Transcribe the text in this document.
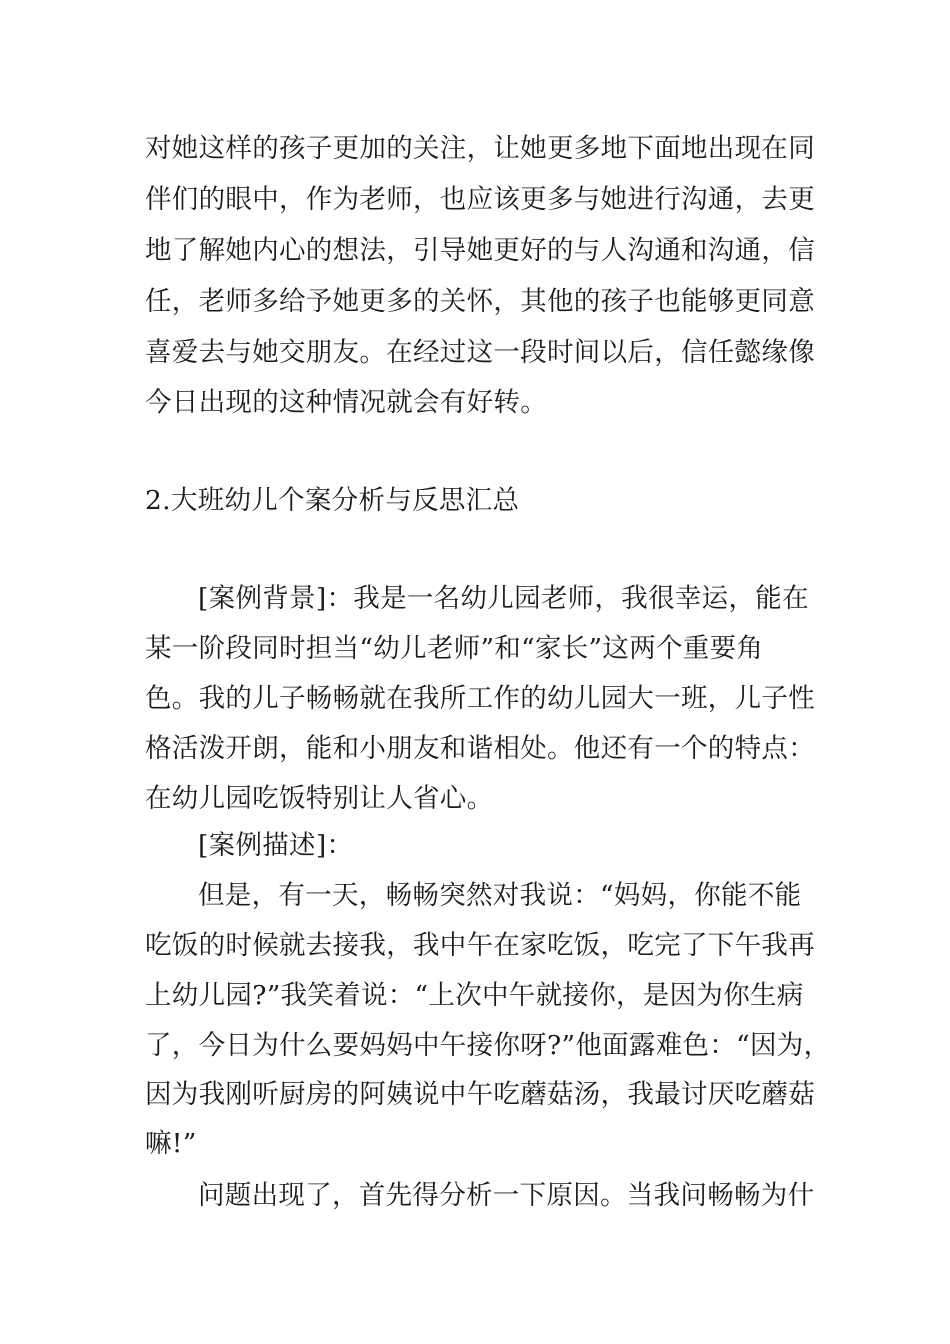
对她这样的孩子更加的关注，让她更多地下面地出现在同
伴们的眼中，作为老师，也应该更多与她进行沟通，去更
地了解她内心的想法，引导她更好的与人沟通和沟通，信
任，老师多给予她更多的关怀，其他的孩子也能够更同意
喜爱去与她交朋友。在经过这一段时间以后，信任懿缘像
今日出现的这种情况就会有好转。
2.大班幼儿个案分析与反思汇总
[案例背景]：我是一名幼儿园老师，我很幸运，能在
某一阶段同时担当“幼儿老师”和“家长”这两个重要角
色。我的儿子畅畅就在我所工作的幼儿园大一班，儿子性
格活泼开朗，能和小朋友和谐相处。他还有一个的特点：
在幼儿园吃饭特别让人省心。
[案例描述]：
但是，有一天，畅畅突然对我说：“妈妈，你能不能
吃饭的时候就去接我，我中午在家吃饭，吃完了下午我再
上幼儿园?”我笑着说：“上次中午就接你，是因为你生病
了，今日为什么要妈妈中午接你呀?”他面露难色：“因为，
因为我刚听厨房的阿姨说中午吃蘑菇汤，我最讨厌吃蘑菇
嘛!”
问题出现了，首先得分析一下原因。当我问畅畅为什
